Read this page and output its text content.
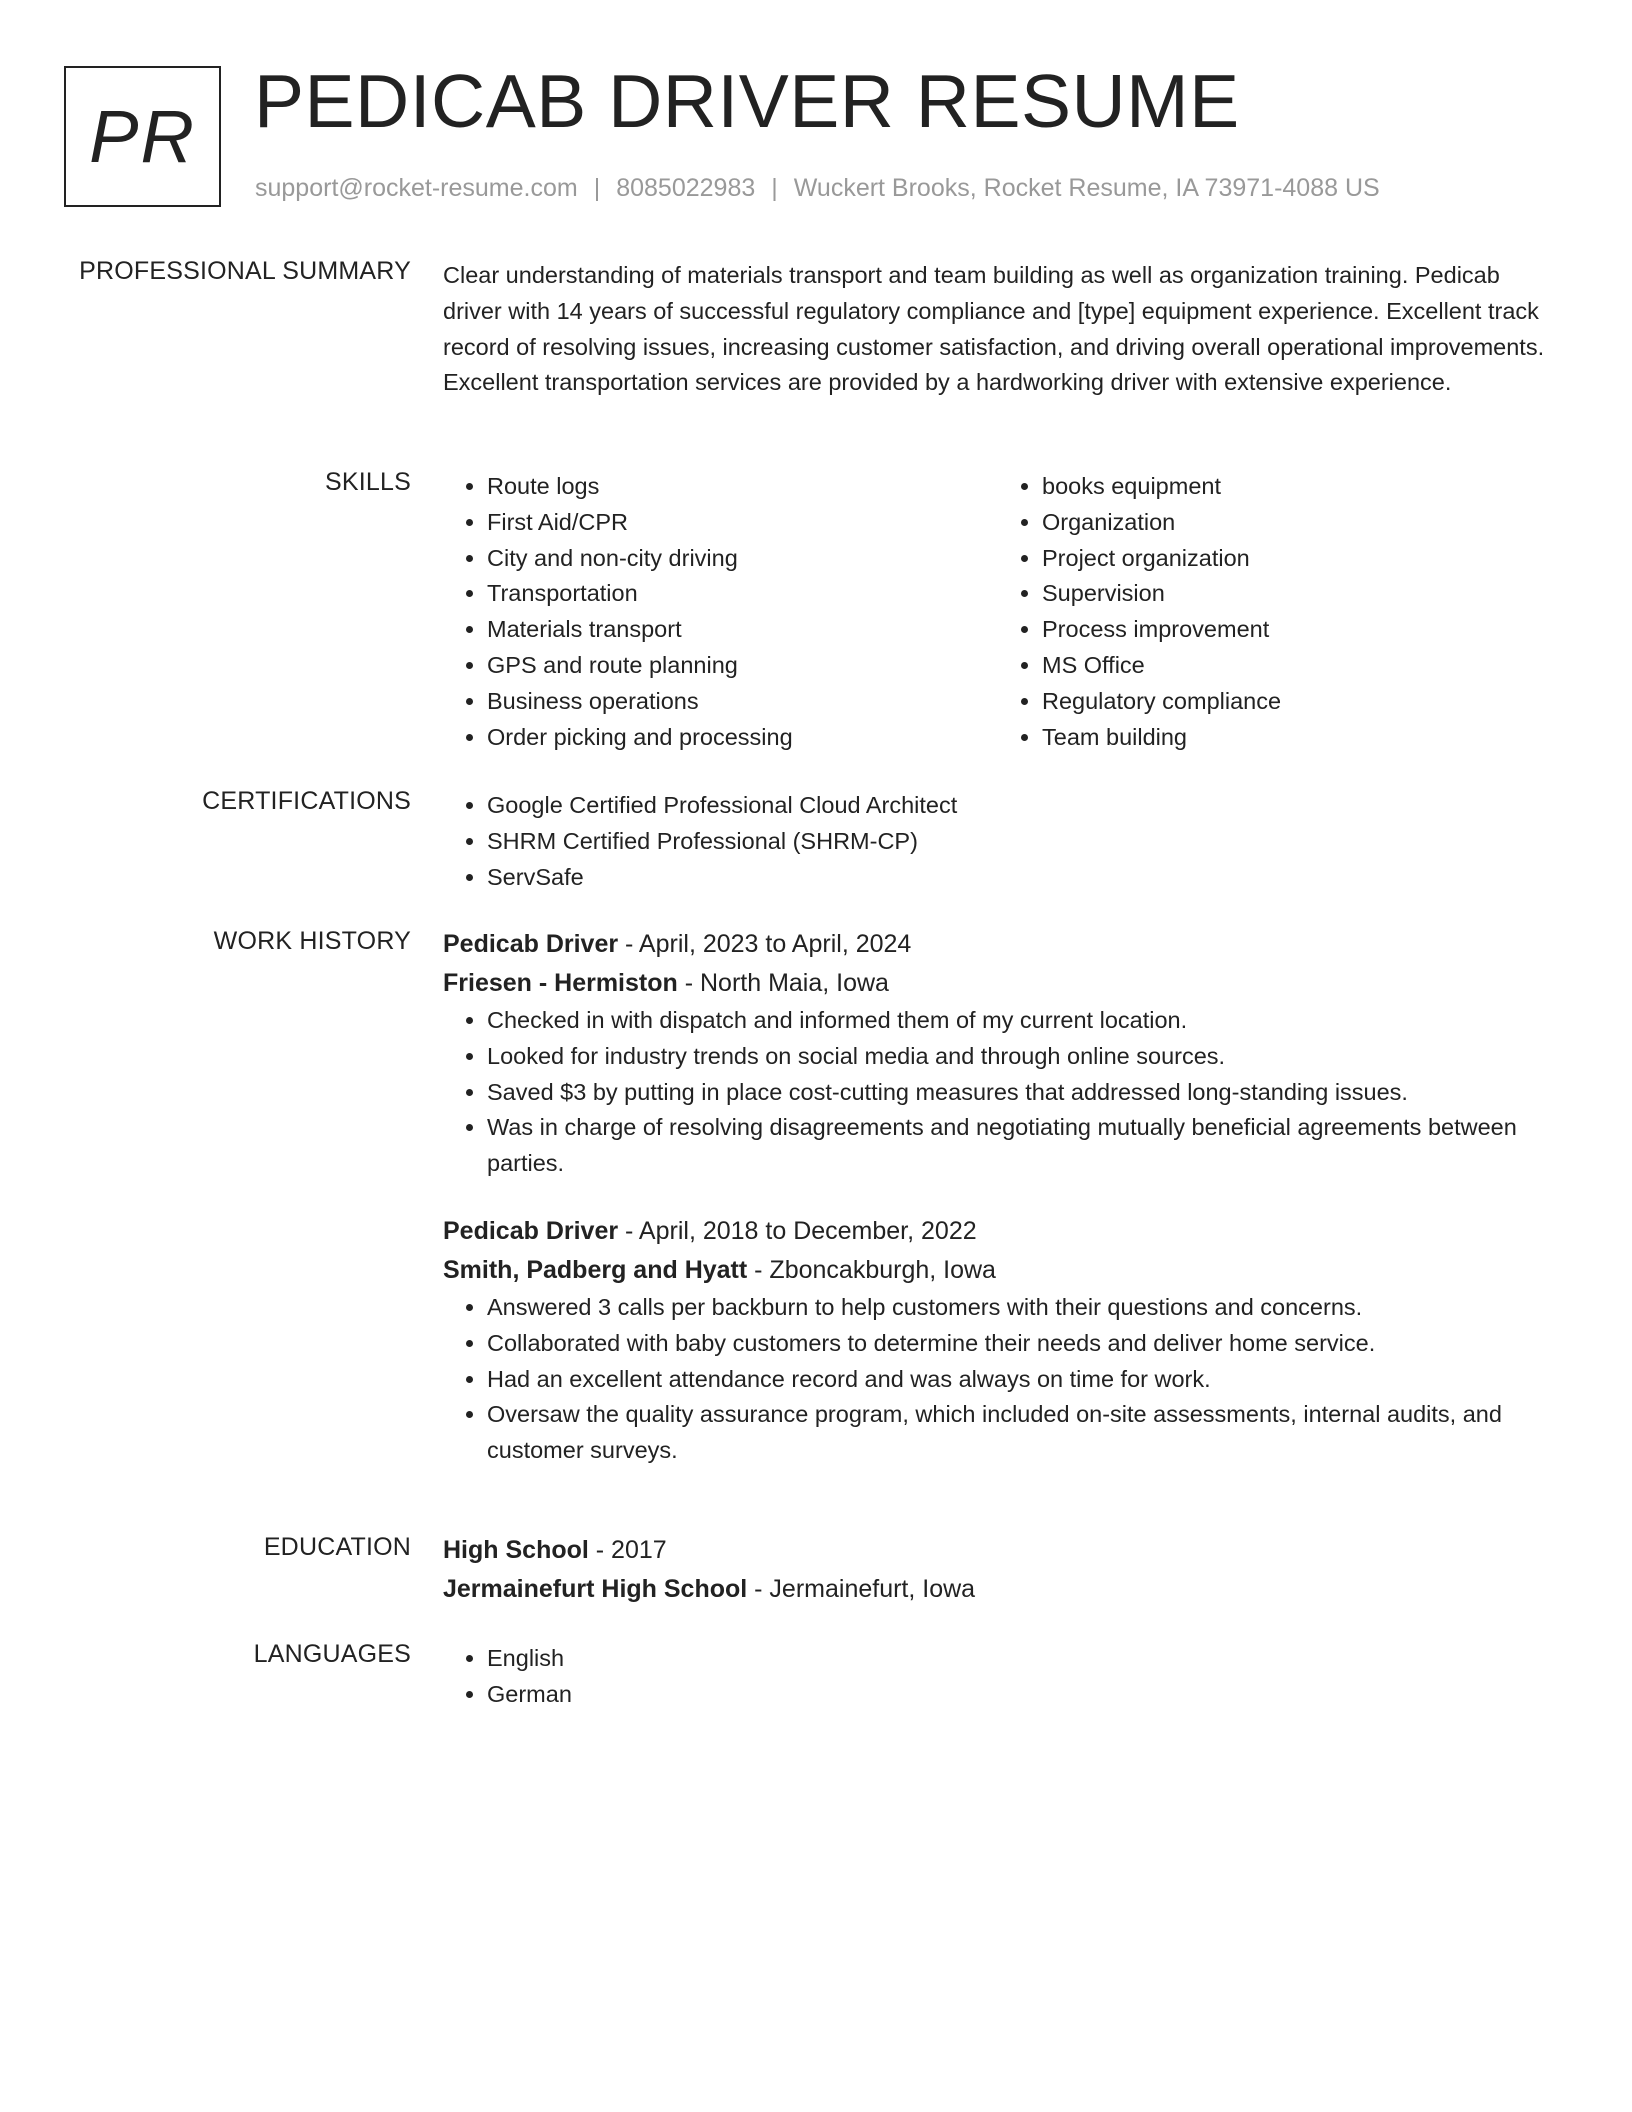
PR PEDICAB DRIVER RESUME
support@rocket-resume.com | 8085022983 | Wuckert Brooks, Rocket Resume, IA 73971-4088 US
PROFESSIONAL SUMMARY Clear understanding of materials transport and team building as well as organization training. Pedicab driver with 14 years of successful regulatory compliance and [type] equipment experience. Excellent track record of resolving issues, increasing customer satisfaction, and driving overall operational improvements. Excellent transportation services are provided by a hardworking driver with extensive experience.

SKILLS	• Route logs
• First Aid/CPR
• City and non-city driving
• Transportation
• Materials transport
• GPS and route planning
• Business operations
• Order picking and processing
• books equipment
• Organization
• Project organization
• Supervision
• Process improvement
• MS Office
• Regulatory compliance
• Team building
CERTIFICATIONS	• Google Certified Professional Cloud Architect
• SHRM Certified Professional (SHRM-CP)
• ServSafe
WORK HISTORY Pedicab Driver - April, 2023 to April, 2024
Friesen - Hermiston - North Maia, Iowa
• Checked in with dispatch and informed them of my current location.
• Looked for industry trends on social media and through online sources.
• Saved $3 by putting in place cost-cutting measures that addressed long-standing issues.
• Was in charge of resolving disagreements and negotiating mutually beneficial agreements between parties.
Pedicab Driver - April, 2018 to December, 2022
Smith, Padberg and Hyatt - Zboncakburgh, Iowa
• Answered 3 calls per backburn to help customers with their questions and concerns.
• Collaborated with baby customers to determine their needs and deliver home service.
• Had an excellent attendance record and was always on time for work.
• Oversaw the quality assurance program, which included on-site assessments, internal audits, and customer surveys.
EDUCATION High School - 2017
Jermainefurt High School - Jermainefurt, Iowa
LANGUAGES	• English
• German
